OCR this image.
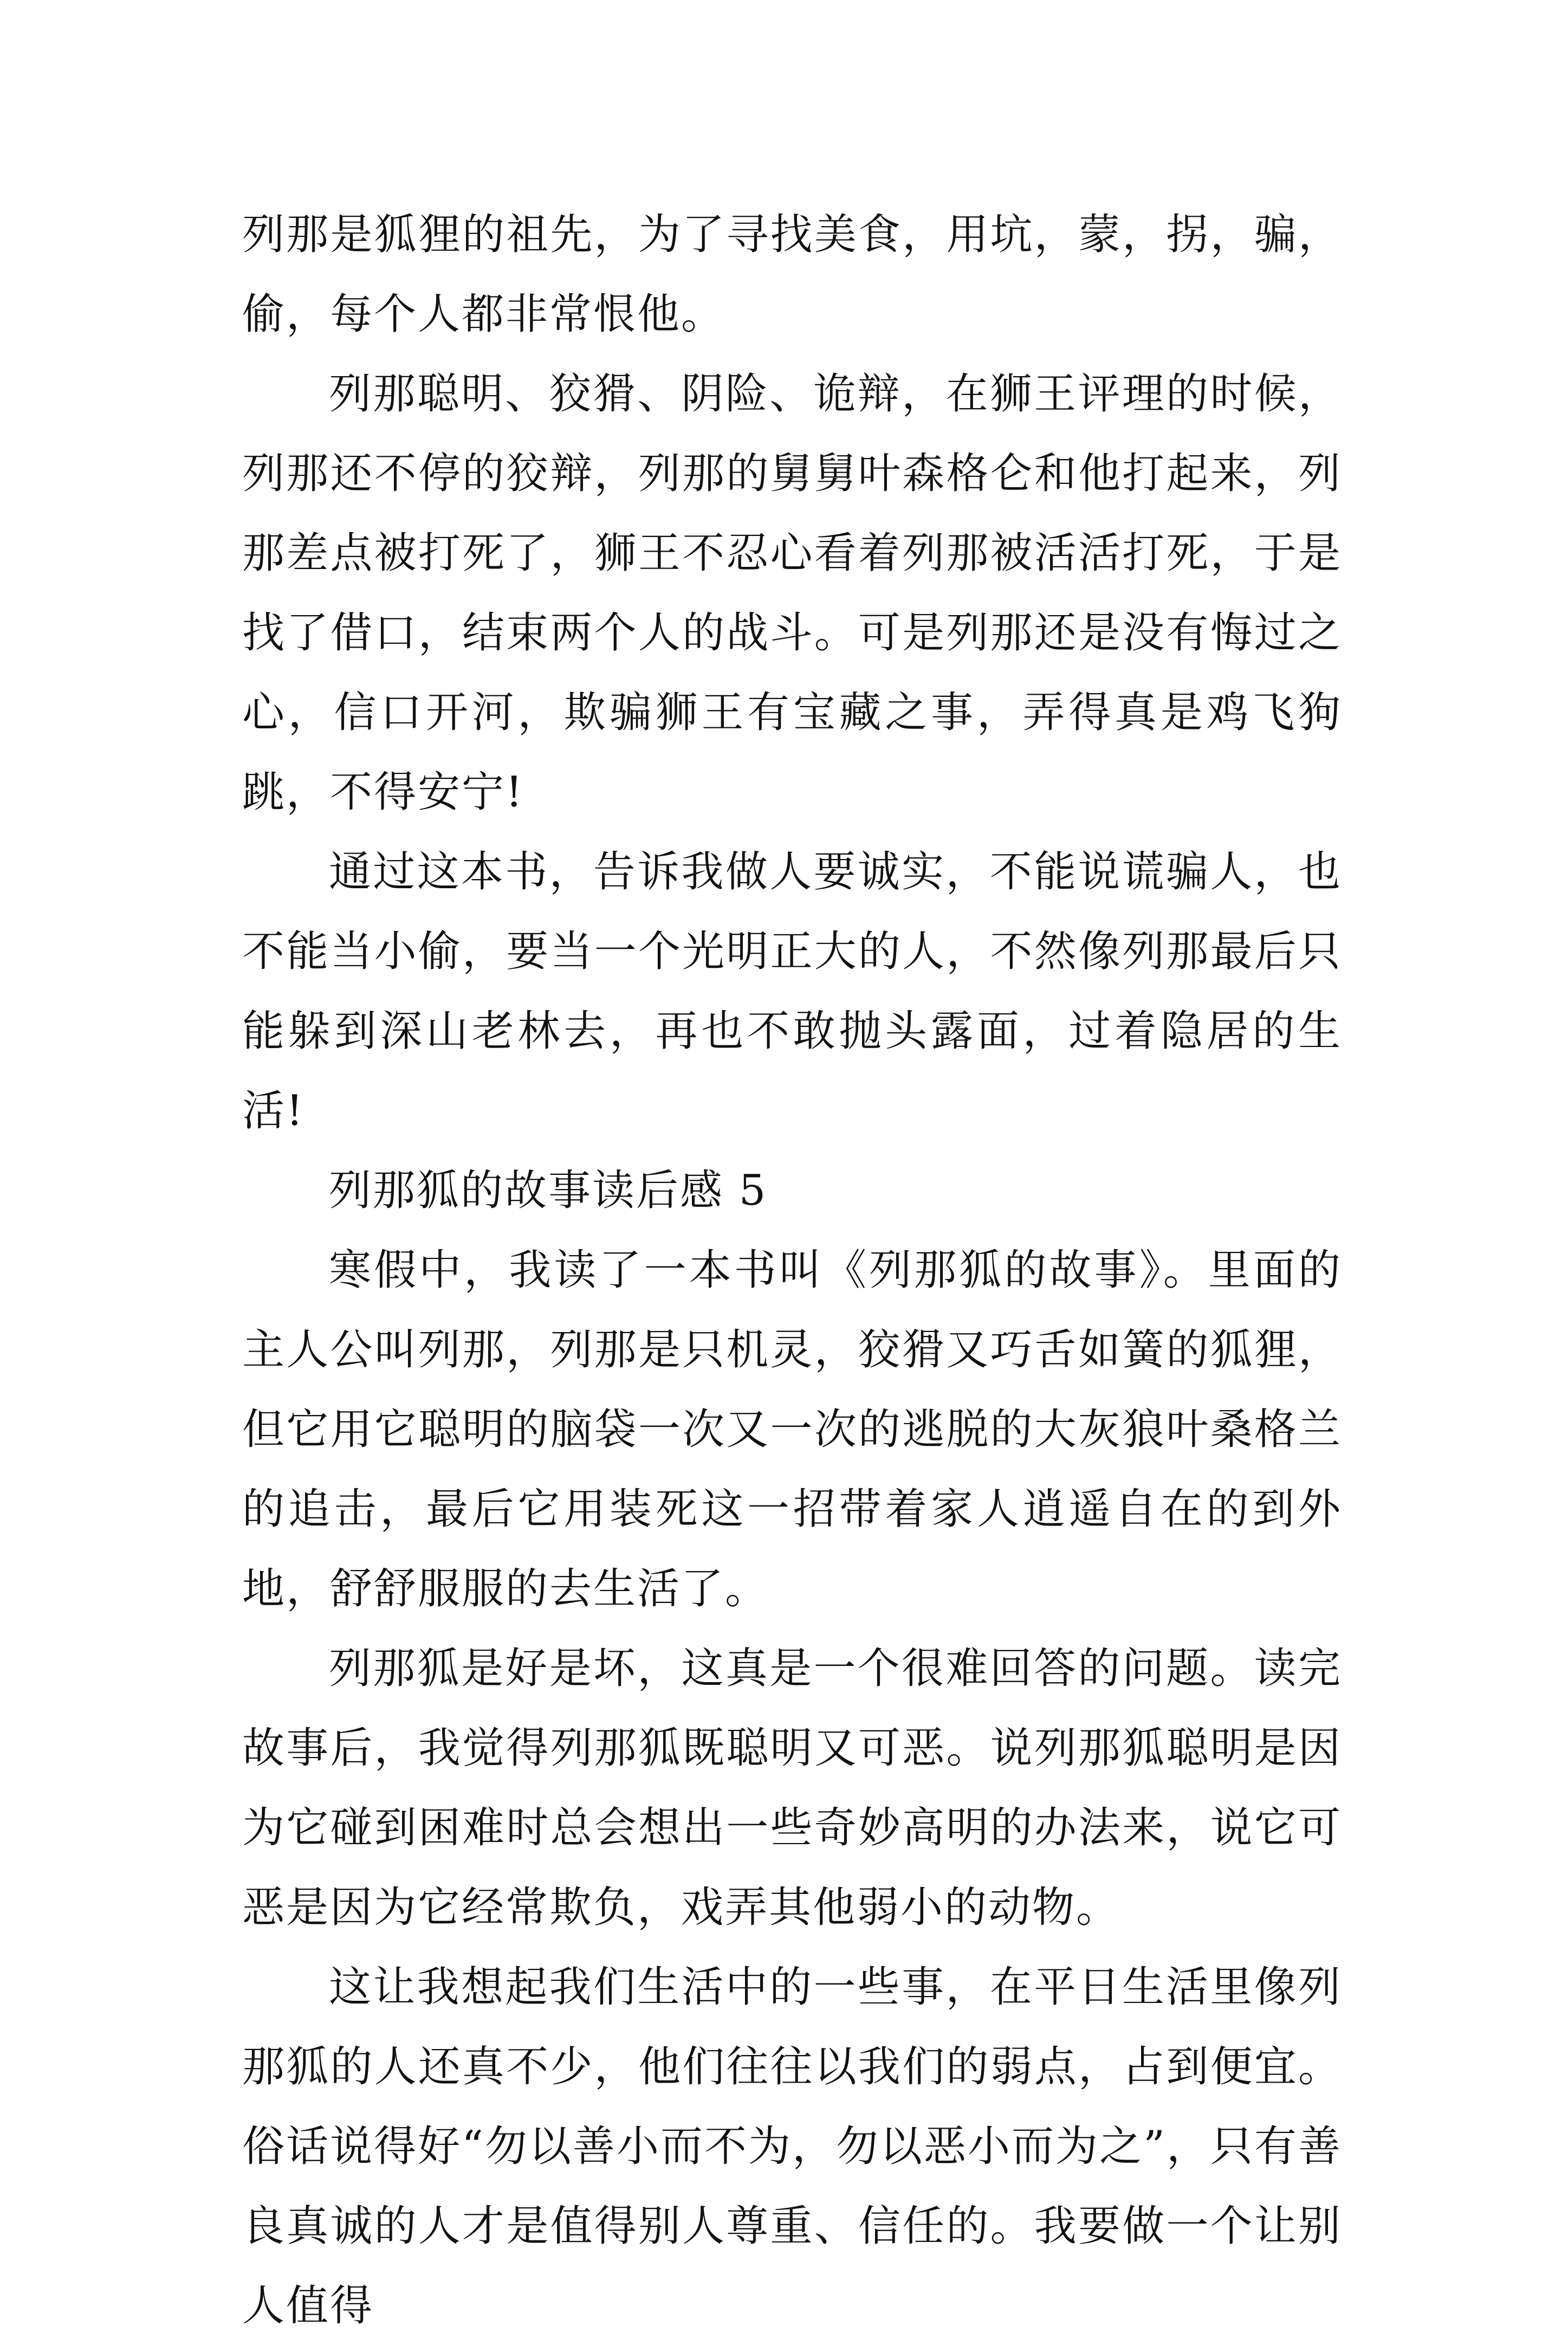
列那是狐狸的祖先，为了寻找美食，用坑，蒙，拐，骗，偷，每个人都非常恨他。

列那聪明、狡猾、阴险、诡辩，在狮王评理的时候，列那还不停的狡辩，列那的舅舅叶森格仑和他打起来，列那差点被打死了，狮王不忍心看着列那被活活打死，于是找了借口，结束两个人的战斗。可是列那还是没有悔过之心，信口开河，欺骗狮王有宝藏之事，弄得真是鸡飞狗跳，不得安宁!

通过这本书，告诉我做人要诚实，不能说谎骗人，也不能当小偷，要当一个光明正大的人，不然像列那最后只能躲到深山老林去，再也不敢抛头露面，过着隐居的生活!

列那狐的故事读后感 5

寒假中，我读了一本书叫《列那狐的故事》。里面的主人公叫列那，列那是只机灵，狡猾又巧舌如簧的狐狸，但它用它聪明的脑袋一次又一次的逃脱的大灰狼叶桑格兰的追击，最后它用装死这一招带着家人逍遥自在的到外地，舒舒服服的去生活了。

列那狐是好是坏，这真是一个很难回答的问题。读完故事后，我觉得列那狐既聪明又可恶。说列那狐聪明是因为它碰到困难时总会想出一些奇妙高明的办法来，说它可恶是因为它经常欺负，戏弄其他弱小的动物。

这让我想起我们生活中的一些事，在平日生活里像列那狐的人还真不少，他们往往以我们的弱点，占到便宜。俗话说得好“勿以善小而不为，勿以恶小而为之”，只有善良真诚的人才是值得别人尊重、信任的。我要做一个让别人值得
